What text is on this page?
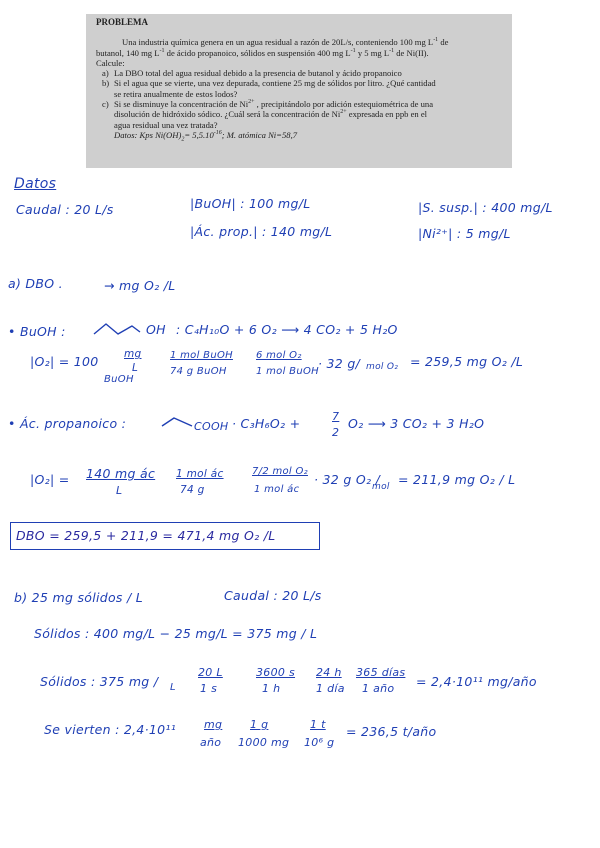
PROBLEMA

Una industria química genera en un agua residual a razón de 20L/s, conteniendo 100 mg $L^{-1}$ de

butanol, 140 mg $L^{-1}$ de ácido propanoico, sólidos en suspensión 400 mg $L^{-1}$ y 5 mg $L^{-1}$ de Ni(II).

Calcule:

a) La DBO total del agua residual debido a la presencia de butanol y ácido propanoico

b) Si el agua que se vierte, una vez depurada, contiene 25 mg de sólidos por litro. ¿Qué cantidad
se retira anualmente de estos lodos?

c) Si se disminuye la concentración de $Ni^{2+}$ , precipitándolo por adición estequiométrica de una
disolución de hidróxido sódico. ¿Cuál será la concentración de $Ni^{2+}$ expresada en ppb en el
agua residual una vez tratada?

Datos: Kps $Ni(OH)_2= 5,5.10^{-16}$; M. atómica Ni=58,7

Datos
Caudal : 20 L/s	|BuOH| : 100 mg/L	|S. susp.| : 400 mg/L
|Ác. prop.| : 140 mg/L	|Ni²⁺| : 5 mg/L
a) DBO .	→ mg O₂ /L
• BuOH :	OH : C₄H₁₀O + 6 O₂ ⟶ 4 CO₂ + 5 H₂O
|O₂| = 100 mg
L
BuOH
1 mol BuOH
74 g BuOH
6 mol O₂
1 mol BuOH
· 32 g/ mol O₂ = 259,5 mg O₂ /L
• Ác. propanoico :	COOH · C₃H₆O₂ +	7
2
O₂ ⟶ 3 CO₂ + 3 H₂O
|O₂| = 140 mg ác
L
1 mol ác
74 g
7/2 mol O₂
1 mol ác
· 32 g O₂ /
mol = 211,9 mg O₂ / L
DBO = 259,5 + 211,9 = 471,4 mg O₂ /L
b) 25 mg sólidos / L	Caudal : 20 L/s
Sólidos : 400 mg/L − 25 mg/L = 375 mg / L
Sólidos : 375 mg / L
20 L
1 s
3600 s
1 h
24 h
1 día
365 días
1 año = 2,4·10¹¹ mg/año
Se vierten : 2,4·10¹¹	mg
año
1 g
1000 mg
1 t
10⁶ g
= 236,5 t/año
